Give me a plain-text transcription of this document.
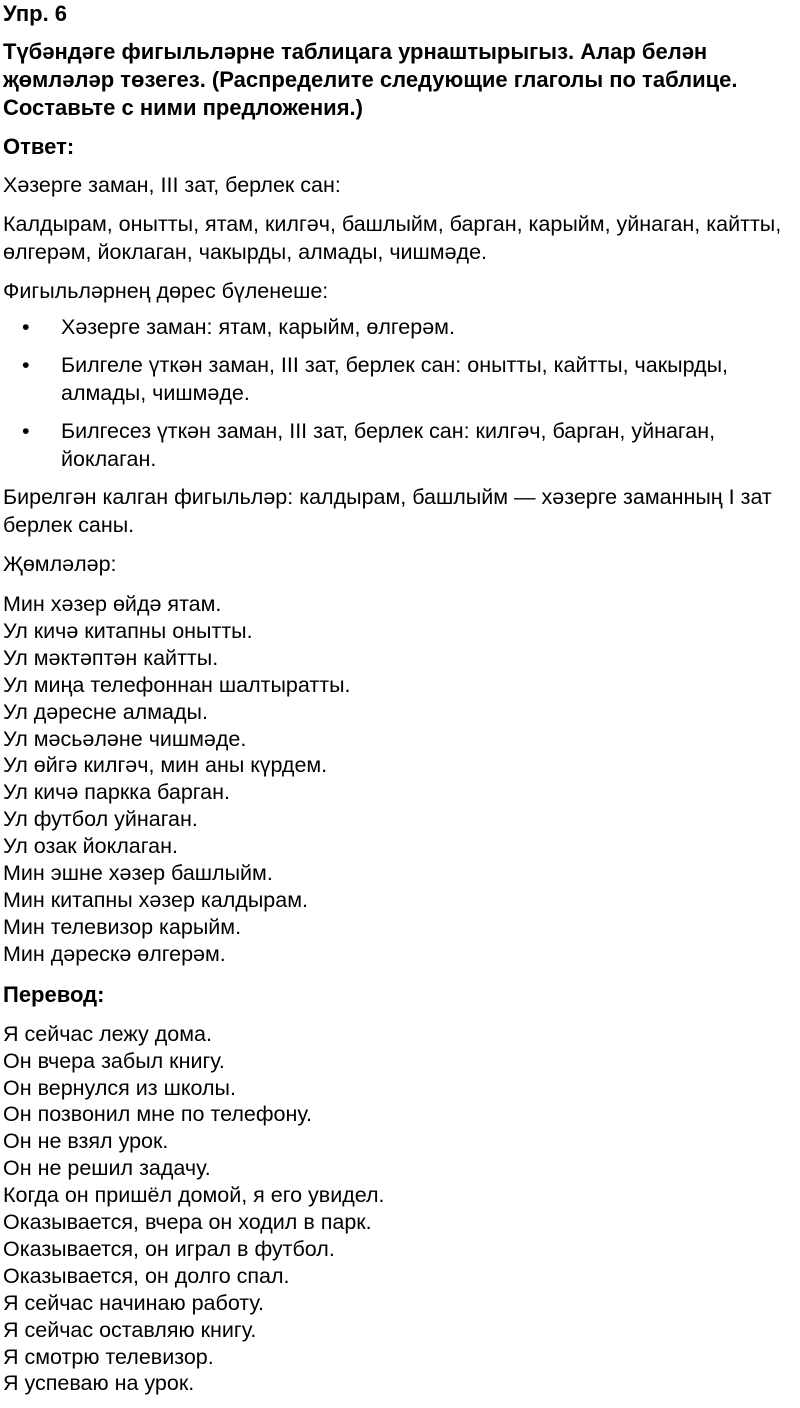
Упр. 6

Түбәндәге фигыльләрне таблицага урнаштырыгыз. Алар белән җөмләләр төзегез. (Распределите следующие глаголы по таблице. Составьте с ними предложения.)

Ответ:

Хәзерге заман, III зат, берлек сан:

Калдырам, онытты, ятам, килгәч, башлыйм, барган, карыйм, уйнаган, кайтты, өлгерәм, йоклаган, чакырды, алмады, чишмәде.

Фигыльләрнең дөрес бүленеше:

• Хәзерге заман: ятам, карыйм, өлгерәм.
• Билгеле үткән заман, III зат, берлек сан: онытты, кайтты, чакырды, алмады, чишмәде.
• Билгесез үткән заман, III зат, берлек сан: килгәч, барган, уйнаган, йоклаган.

Бирелгән калган фигыльләр: калдырам, башлыйм — хәзерге заманның I зат берлек саны.

Җөмләләр:

Мин хәзер өйдә ятам.

Ул кичә китапны онытты.

Ул мәктәптән кайтты.

Ул миңа телефоннан шалтыратты.

Ул дәресне алмады.

Ул мәсьәләне чишмәде.

Ул өйгә килгәч, мин аны күрдем.

Ул кичә паркка барган.

Ул футбол уйнаган.

Ул озак йоклаган.

Мин эшне хәзер башлыйм.

Мин китапны хәзер калдырам.

Мин телевизор карыйм.

Мин дәрескә өлгерәм.

Перевод:

Я сейчас лежу дома.

Он вчера забыл книгу.

Он вернулся из школы.

Он позвонил мне по телефону.

Он не взял урок.

Он не решил задачу.

Когда он пришёл домой, я его увидел.

Оказывается, вчера он ходил в парк.

Оказывается, он играл в футбол.

Оказывается, он долго спал.

Я сейчас начинаю работу.

Я сейчас оставляю книгу.

Я смотрю телевизор.

Я успеваю на урок.
